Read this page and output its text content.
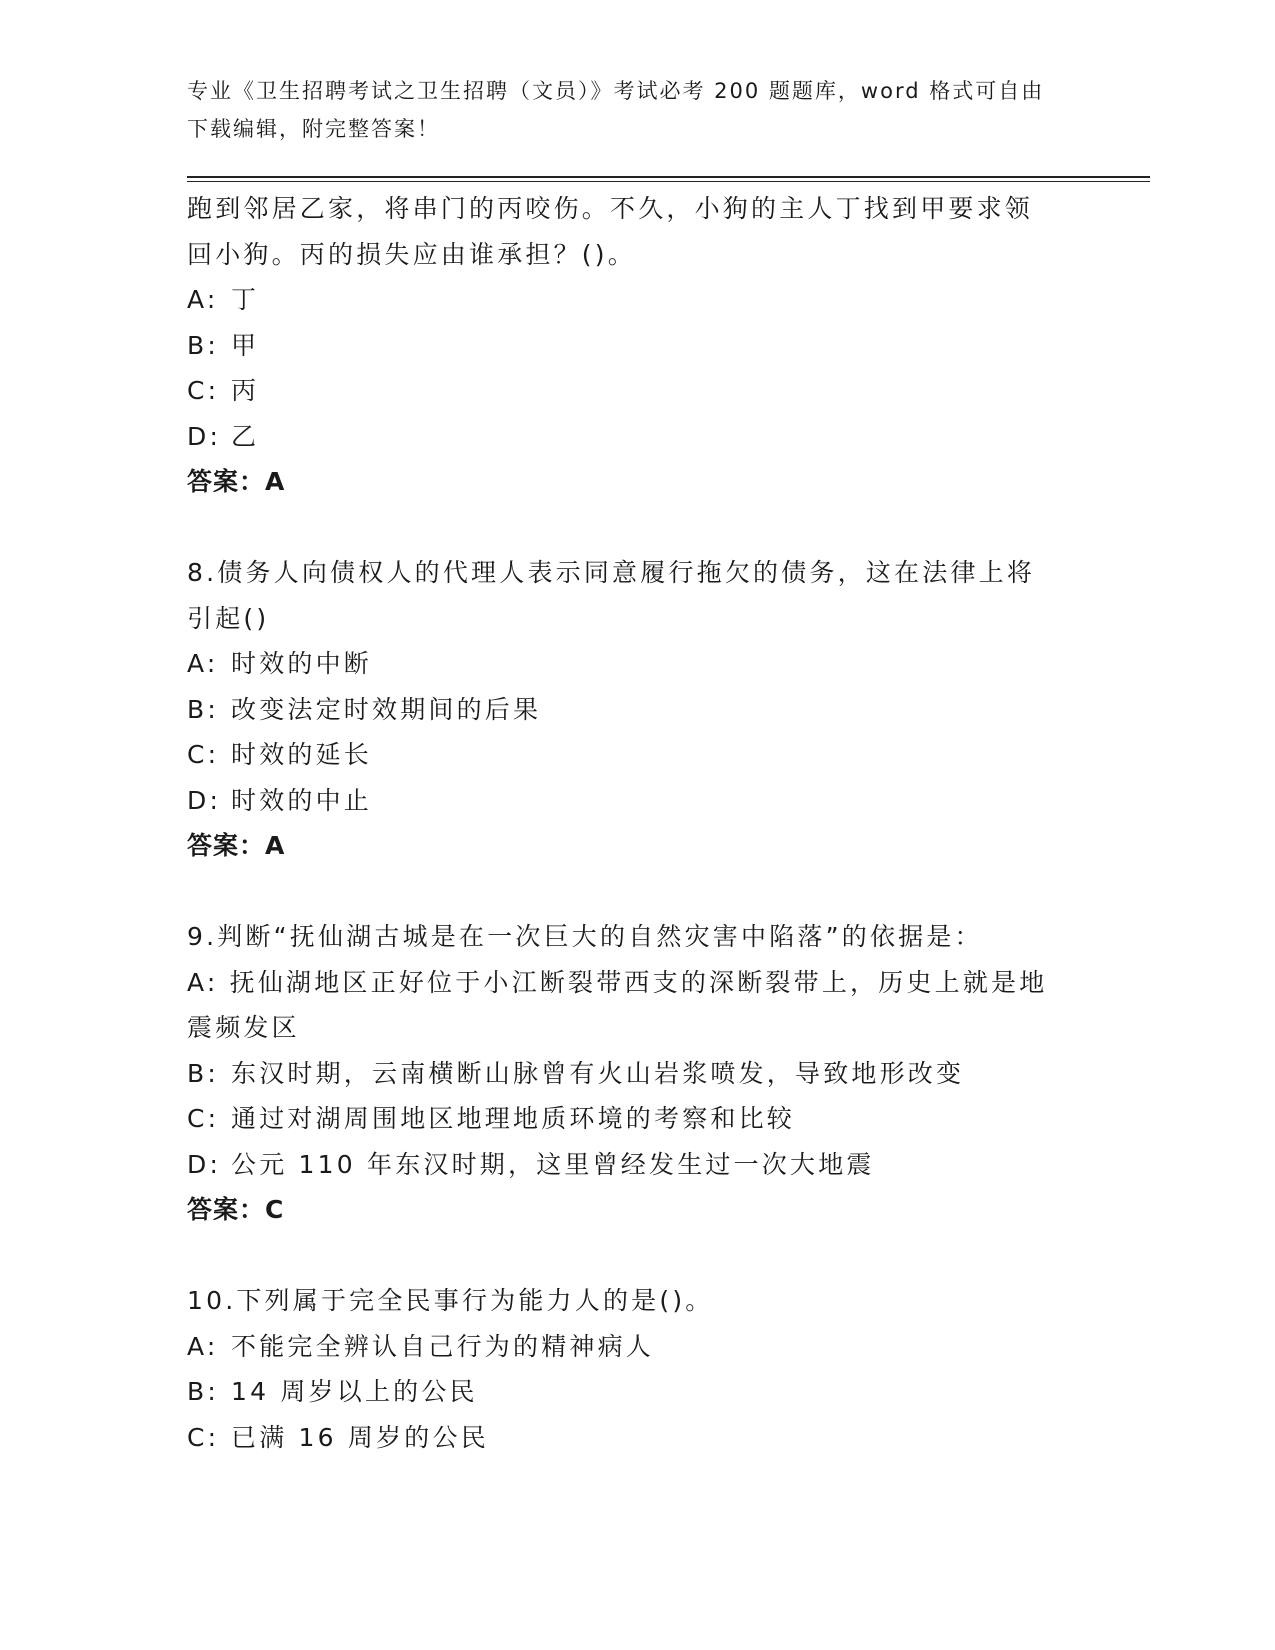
专业《卫生招聘考试之卫生招聘（文员）》考试必考 200 题题库，word 格式可自由下载编辑，附完整答案！
跑到邻居乙家，将串门的丙咬伤。不久，小狗的主人丁找到甲要求领
回小狗。丙的损失应由谁承担？()。
A: 丁
B: 甲
C: 丙
D: 乙
答案：A
8.债务人向债权人的代理人表示同意履行拖欠的债务，这在法律上将
引起()
A: 时效的中断
B: 改变法定时效期间的后果
C: 时效的延长
D: 时效的中止
答案：A
9.判断“抚仙湖古城是在一次巨大的自然灾害中陷落”的依据是：
A: 抚仙湖地区正好位于小江断裂带西支的深断裂带上，历史上就是地
震频发区
B: 东汉时期，云南横断山脉曾有火山岩浆喷发，导致地形改变
C: 通过对湖周围地区地理地质环境的考察和比较
D: 公元 110 年东汉时期，这里曾经发生过一次大地震
答案：C
10.下列属于完全民事行为能力人的是()。
A: 不能完全辨认自己行为的精神病人
B: 14 周岁以上的公民
C: 已满 16 周岁的公民
